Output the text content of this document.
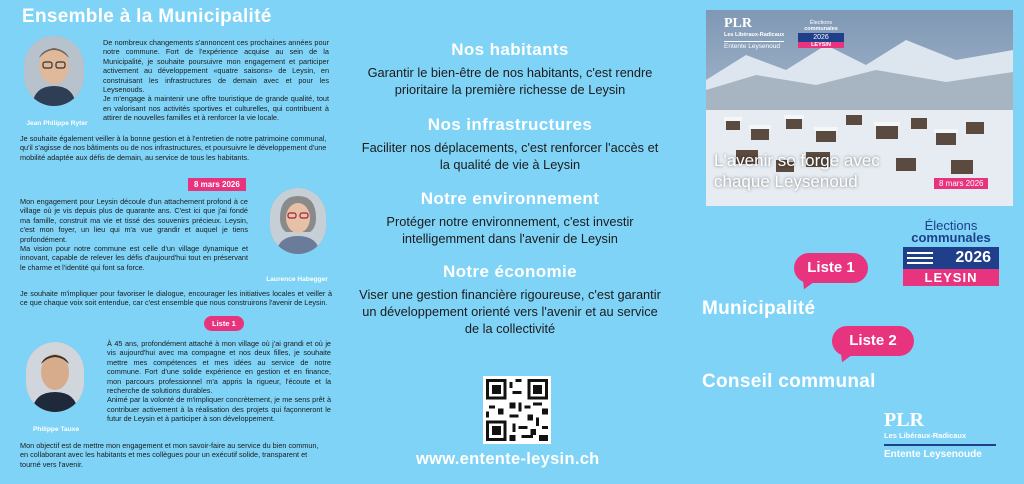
Ensemble à la Municipalité
Jean Philippe Ryter
De nombreux changements s'annoncent ces prochaines années pour notre commune. Fort de l'expérience acquise au sein de la Municipalité, je souhaite poursuivre mon engagement et participer activement au développement «quatre saisons» de Leysin, en construisant les infrastructures de demain avec et pour les Leysenouds.
Je m'engage à maintenir une offre touristique de grande qualité, tout en valorisant nos activités sportives et culturelles, qui contribuent à attirer de nouvelles familles et à renforcer la vie locale.
Je souhaite également veiller à la bonne gestion et à l'entretien de notre patrimoine communal, qu'il s'agisse de nos bâtiments ou de nos infrastructures, et poursuivre le développement d'une mobilité adaptée aux défis de demain, au service de tous les habitants.
8 mars 2026
Mon engagement pour Leysin découle d'un attachement profond à ce village où je vis depuis plus de quarante ans. C'est ici que j'ai fondé ma famille, construit ma vie et tissé des souvenirs précieux. Leysin, c'est mon foyer, un lieu qui m'a vue grandir et auquel je tiens profondément.
Ma vision pour notre commune est celle d'un village dynamique et innovant, capable de relever les défis d'aujourd'hui tout en préservant le charme et l'identité qui font sa force.
Laurence Habegger
Je souhaite m'impliquer pour favoriser le dialogue, encourager les initiatives locales et veiller à ce que chaque voix soit entendue, car c'est ensemble que nous construirons l'avenir de Leysin.
Liste 1
Philippe Tauxe
À 45 ans, profondément attaché à mon village où j'ai grandi et où je vis aujourd'hui avec ma compagne et nos deux filles, je souhaite mettre mes compétences et mes idées au service de notre commune. Fort d'une solide expérience en gestion et en finance, mon parcours professionnel m'a appris la rigueur, l'écoute et la recherche de solutions durables.
Animé par la volonté de m'impliquer concrètement, je me sens prêt à contribuer activement à la réalisation des projets qui façonneront le futur de Leysin et à participer à son développement.
Mon objectif est de mettre mon engagement et mon savoir-faire au service du bien commun, en collaborant avec les habitants et mes collègues pour un exécutif solide, transparent et tourné vers l'avenir.
Nos habitants

Garantir le bien-être de nos habitants, c'est rendre prioritaire la première richesse de Leysin

Nos infrastructures

Faciliter nos déplacements, c'est renforcer l'accès et la qualité de vie à Leysin

Notre environnement

Protéger notre environnement, c'est investir intelligemment dans l'avenir de Leysin

Notre économie

Viser une gestion financière rigoureuse, c'est garantir un développement orienté vers l'avenir et au service de la collectivité

www.entente-leysin.ch
PLR
Les Libéraux-Radicaux
Entente Leysenoud
Élections
communales
2026
LEYSIN
L'avenir se forge avec
chaque Leysenoud	8 mars 2026
Élections
communales
2026
LEYSIN
Liste 1
Municipalité
Liste 2
Conseil communal
PLR
Les Libéraux-Radicaux
Entente Leysenoude
